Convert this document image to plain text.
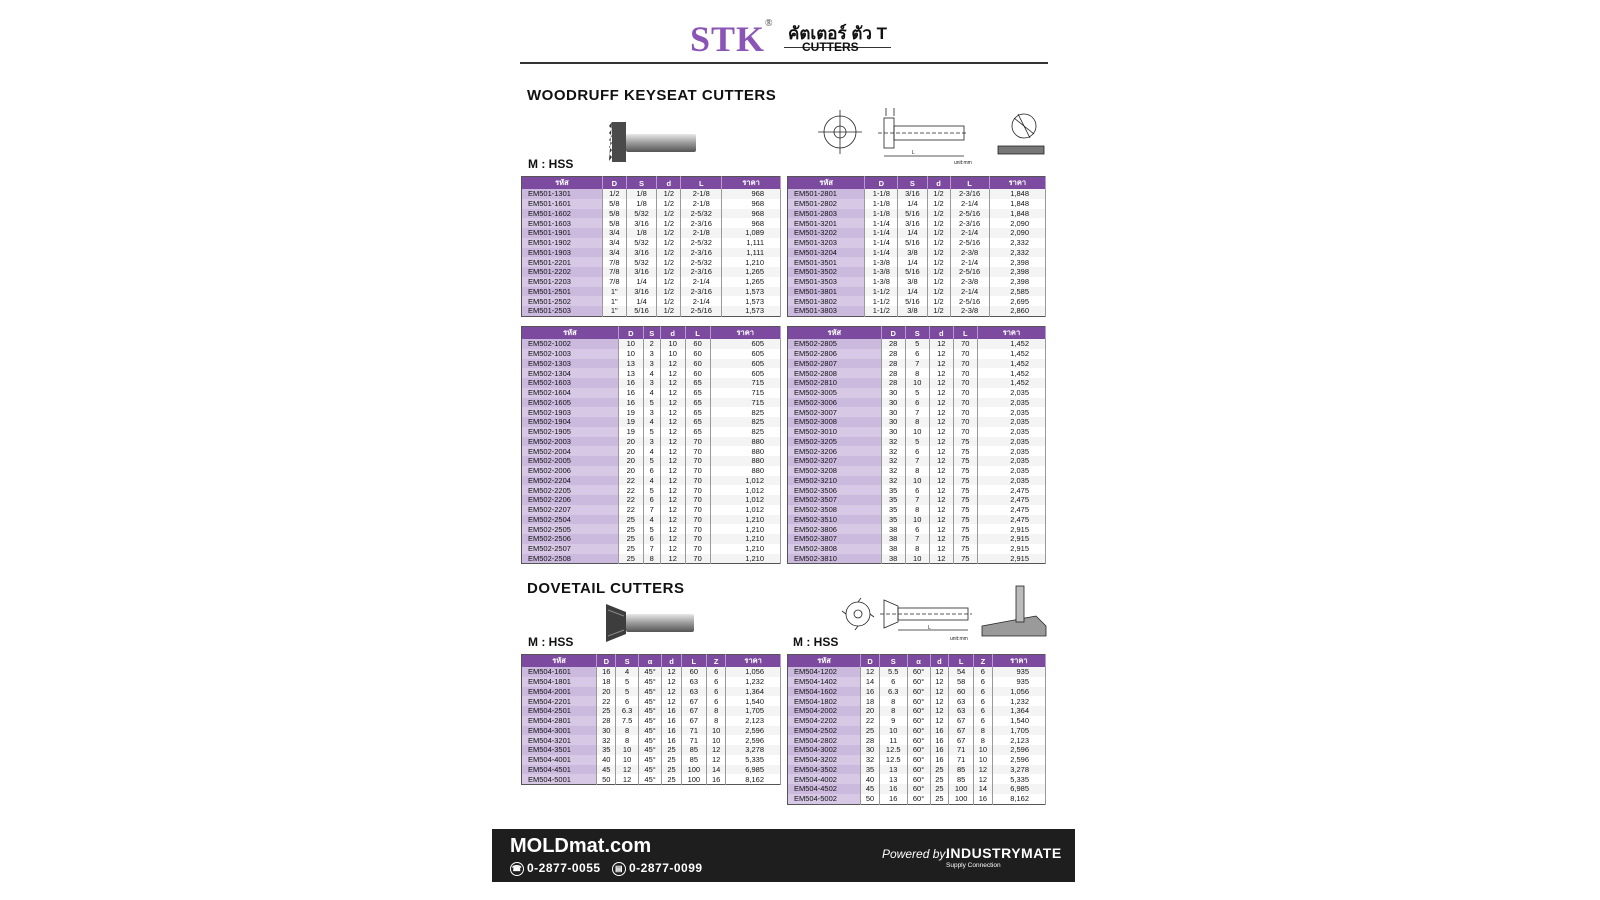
STK®
คัตเตอร์ ตัว T
CUTTERS
WOODRUFF KEYSEAT CUTTERS
L
unit:mm
M : HSS
รหัส	D	S	d	L	ราคา
EM501-1301	1/2	1/8	1/2	2-1/8	968
EM501-1601	5/8	1/8	1/2	2-1/8	968
EM501-1602	5/8	5/32	1/2	2-5/32	968
EM501-1603	5/8	3/16	1/2	2-3/16	968
EM501-1901	3/4	1/8	1/2	2-1/8	1,089
EM501-1902	3/4	5/32	1/2	2-5/32	1,111
EM501-1903	3/4	3/16	1/2	2-3/16	1,111
EM501-2201	7/8	5/32	1/2	2-5/32	1,210
EM501-2202	7/8	3/16	1/2	2-3/16	1,265
EM501-2203	7/8	1/4	1/2	2-1/4	1,265
EM501-2501	1"	3/16	1/2	2-3/16	1,573
EM501-2502	1"	1/4	1/2	2-1/4	1,573
EM501-2503	1"	5/16	1/2	2-5/16	1,573
รหัส	D	S	d	L	ราคา
EM501-2801	1-1/8	3/16	1/2	2-3/16	1,848
EM501-2802	1-1/8	1/4	1/2	2-1/4	1,848
EM501-2803	1-1/8	5/16	1/2	2-5/16	1,848
EM501-3201	1-1/4	3/16	1/2	2-3/16	2,090
EM501-3202	1-1/4	1/4	1/2	2-1/4	2,090
EM501-3203	1-1/4	5/16	1/2	2-5/16	2,332
EM501-3204	1-1/4	3/8	1/2	2-3/8	2,332
EM501-3501	1-3/8	1/4	1/2	2-1/4	2,398
EM501-3502	1-3/8	5/16	1/2	2-5/16	2,398
EM501-3503	1-3/8	3/8	1/2	2-3/8	2,398
EM501-3801	1-1/2	1/4	1/2	2-1/4	2,585
EM501-3802	1-1/2	5/16	1/2	2-5/16	2,695
EM501-3803	1-1/2	3/8	1/2	2-3/8	2,860
รหัส	D	S	d	L	ราคา
EM502-1002	10	2	10	60	605
EM502-1003	10	3	10	60	605
EM502-1303	13	3	12	60	605
EM502-1304	13	4	12	60	605
EM502-1603	16	3	12	65	715
EM502-1604	16	4	12	65	715
EM502-1605	16	5	12	65	715
EM502-1903	19	3	12	65	825
EM502-1904	19	4	12	65	825
EM502-1905	19	5	12	65	825
EM502-2003	20	3	12	70	880
EM502-2004	20	4	12	70	880
EM502-2005	20	5	12	70	880
EM502-2006	20	6	12	70	880
EM502-2204	22	4	12	70	1,012
EM502-2205	22	5	12	70	1,012
EM502-2206	22	6	12	70	1,012
EM502-2207	22	7	12	70	1,012
EM502-2504	25	4	12	70	1,210
EM502-2505	25	5	12	70	1,210
EM502-2506	25	6	12	70	1,210
EM502-2507	25	7	12	70	1,210
EM502-2508	25	8	12	70	1,210
รหัส	D	S	d	L	ราคา
EM502-2805	28	5	12	70	1,452
EM502-2806	28	6	12	70	1,452
EM502-2807	28	7	12	70	1,452
EM502-2808	28	8	12	70	1,452
EM502-2810	28	10	12	70	1,452
EM502-3005	30	5	12	70	2,035
EM502-3006	30	6	12	70	2,035
EM502-3007	30	7	12	70	2,035
EM502-3008	30	8	12	70	2,035
EM502-3010	30	10	12	70	2,035
EM502-3205	32	5	12	75	2,035
EM502-3206	32	6	12	75	2,035
EM502-3207	32	7	12	75	2,035
EM502-3208	32	8	12	75	2,035
EM502-3210	32	10	12	75	2,035
EM502-3506	35	6	12	75	2,475
EM502-3507	35	7	12	75	2,475
EM502-3508	35	8	12	75	2,475
EM502-3510	35	10	12	75	2,475
EM502-3806	38	6	12	75	2,915
EM502-3807	38	7	12	75	2,915
EM502-3808	38	8	12	75	2,915
EM502-3810	38	10	12	75	2,915
DOVETAIL CUTTERS
L
unit:mm
M : HSS	M : HSS
รหัส	D	S	α	d	L	Z	ราคา
EM504-1601	16	4	45°	12	60	6	1,056
EM504-1801	18	5	45°	12	63	6	1,232
EM504-2001	20	5	45°	12	63	6	1,364
EM504-2201	22	6	45°	12	67	6	1,540
EM504-2501	25	6.3	45°	16	67	8	1,705
EM504-2801	28	7.5	45°	16	67	8	2,123
EM504-3001	30	8	45°	16	71	10	2,596
EM504-3201	32	8	45°	16	71	10	2,596
EM504-3501	35	10	45°	25	85	12	3,278
EM504-4001	40	10	45°	25	85	12	5,335
EM504-4501	45	12	45°	25	100	14	6,985
EM504-5001	50	12	45°	25	100	16	8,162
รหัส	D	S	α	d	L	Z	ราคา
EM504-1202	12	5.5	60°	12	54	6	935
EM504-1402	14	6	60°	12	58	6	935
EM504-1602	16	6.3	60°	12	60	6	1,056
EM504-1802	18	8	60°	12	63	6	1,232
EM504-2002	20	8	60°	12	63	6	1,364
EM504-2202	22	9	60°	12	67	6	1,540
EM504-2502	25	10	60°	16	67	8	1,705
EM504-2802	28	11	60°	16	67	8	2,123
EM504-3002	30	12.5	60°	16	71	10	2,596
EM504-3202	32	12.5	60°	16	71	10	2,596
EM504-3502	35	13	60°	25	85	12	3,278
EM504-4002	40	13	60°	25	85	12	5,335
EM504-4502	45	16	60°	25	100	14	6,985
EM504-5002	50	16	60°	25	100	16	8,162
MOLDmat.com
☎ 0-2877-0055	▤ 0-2877-0099
Powered by:
INDUSTRYMATE
Supply Connection
